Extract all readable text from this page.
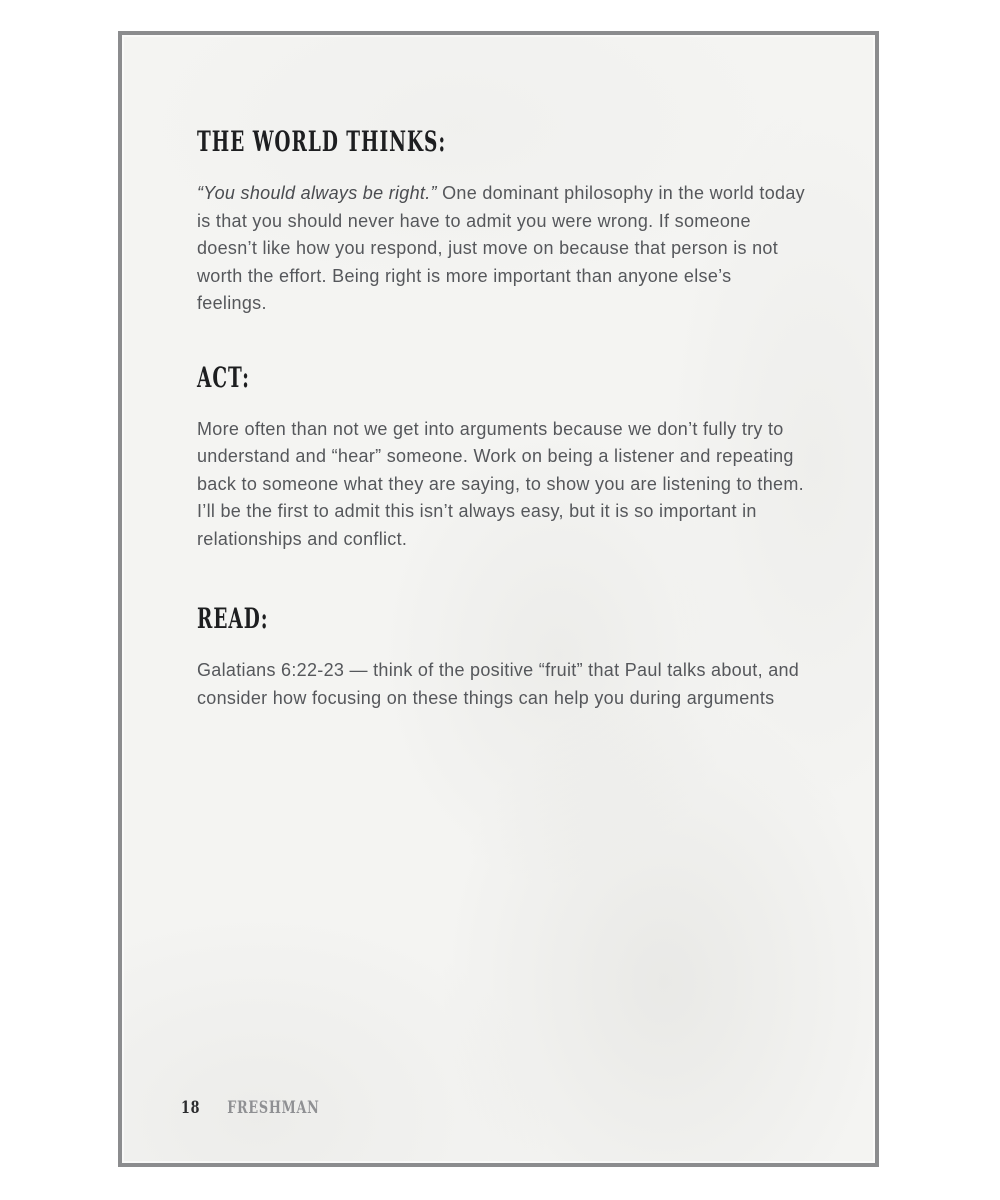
THE WORLD THINKS:

“You should always be right.” One dominant philosophy in the world today is that you should never have to admit you were wrong. If someone doesn’t like how you respond, just move on because that person is not worth the effort. Being right is more important than anyone else’s feelings.

ACT:

More often than not we get into arguments because we don’t fully try to understand and “hear” someone. Work on being a listener and repeating back to someone what they are saying, to show you are listening to them. I’ll be the first to admit this isn’t always easy, but it is so important in relationships and conflict.

READ:

Galatians 6:22-23 — think of the positive “fruit” that Paul talks about, and consider how focusing on these things can help you during arguments

18 FRESHMAN
